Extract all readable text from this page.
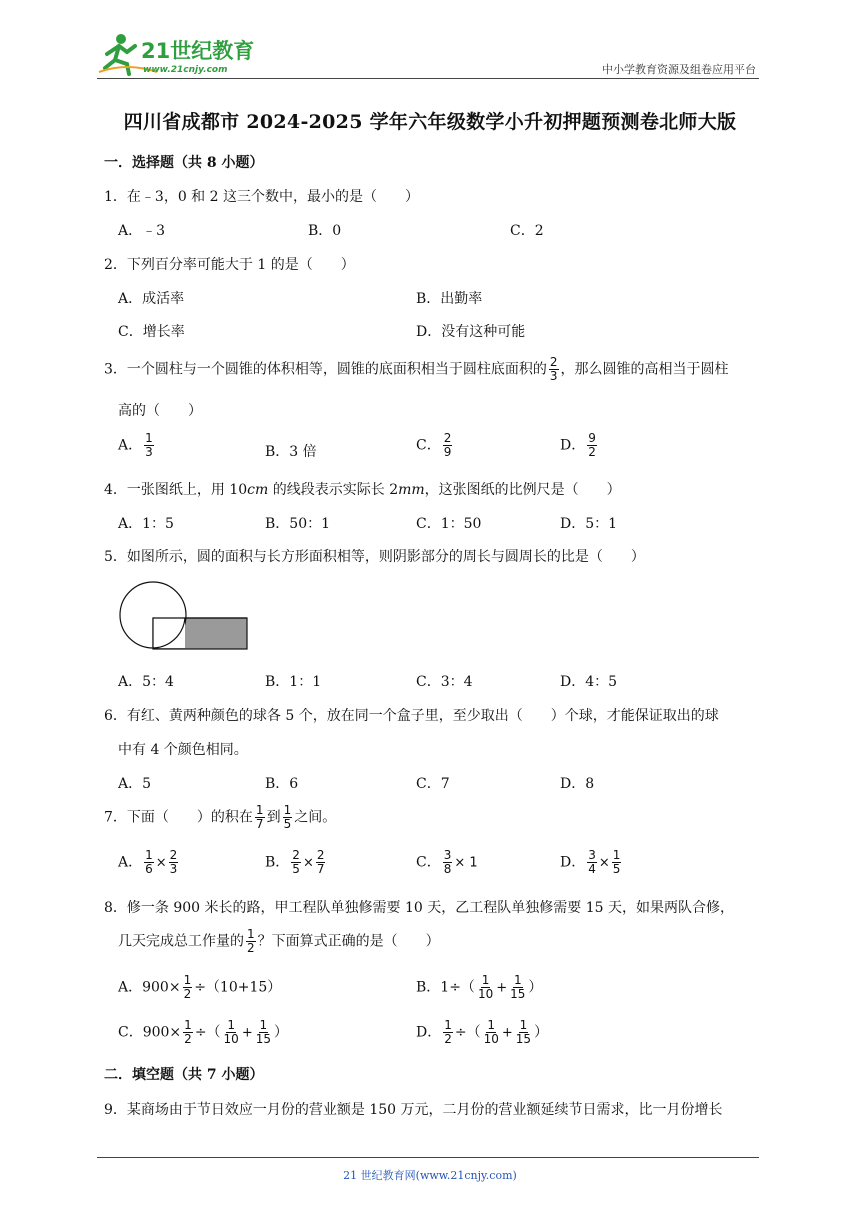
21世纪教育
www.21cnjy.com	中小学教育资源及组卷应用平台
四川省成都市 2024-2025 学年六年级数学小升初押题预测卷北师大版
一．选择题（共 8 小题）
1．在﹣3，0 和 2 这三个数中，最小的是（　　）
A．﹣3	B．0	C．2
2．下列百分率可能大于 1 的是（　　）
A．成活率	B．出勤率
C．增长率	D．没有这种可能
3．一个圆柱与一个圆锥的体积相等，圆锥的底面积相当于圆柱底面积的 $\frac{2}{3}$ ，那么圆锥的高相当于圆柱
高的（　　）
A． $\frac{1}{3}$	B．3 倍	C． $\frac{2}{9}$	D． $\frac{9}{2}$
4．一张图纸上，用 10cm 的线段表示实际长 2mm，这张图纸的比例尺是（　　）
A．1：5	B．50：1	C．1：50	D．5：1
5．如图所示，圆的面积与长方形面积相等，则阴影部分的周长与圆周长的比是（　　）
A．5：4	B．1：1	C．3：4	D．4：5
6．有红、黄两种颜色的球各 5 个，放在同一个盒子里，至少取出（　　）个球，才能保证取出的球
中有 4 个颜色相同。
A．5	B．6	C．7	D．8
7．下面（　　）的积在 $\frac{1}{7}$ 到 $\frac{1}{5}$ 之间。
A． $\frac{1}{6} \times \frac{2}{3}$	B． $\frac{2}{5} \times \frac{2}{7}$	C． $\frac{3}{8} \times 1$	D． $\frac{3}{4} \times \frac{1}{5}$
8．修一条 900 米长的路，甲工程队单独修需要 10 天，乙工程队单独修需要 15 天，如果两队合修，
几天完成总工作量的 $\frac{1}{2}$ ？下面算式正确的是（　　）
A．$900\times \frac{1}{2} \div(10+15)$	B．$1\div( \frac{1}{10} + \frac{1}{15}$ ）
C．$900\times \frac{1}{2}$ ÷（ $\frac{1}{10} + \frac{1}{15}$ ）	D． $\frac{1}{2}$ ÷（ $\frac{1}{10} + \frac{1}{15}$ ）
二．填空题（共 7 小题）
9．某商场由于节日效应一月份的营业额是 150 万元，二月份的营业额延续节日需求，比一月份增长
21 世纪教育网(www.21cnjy.com)
